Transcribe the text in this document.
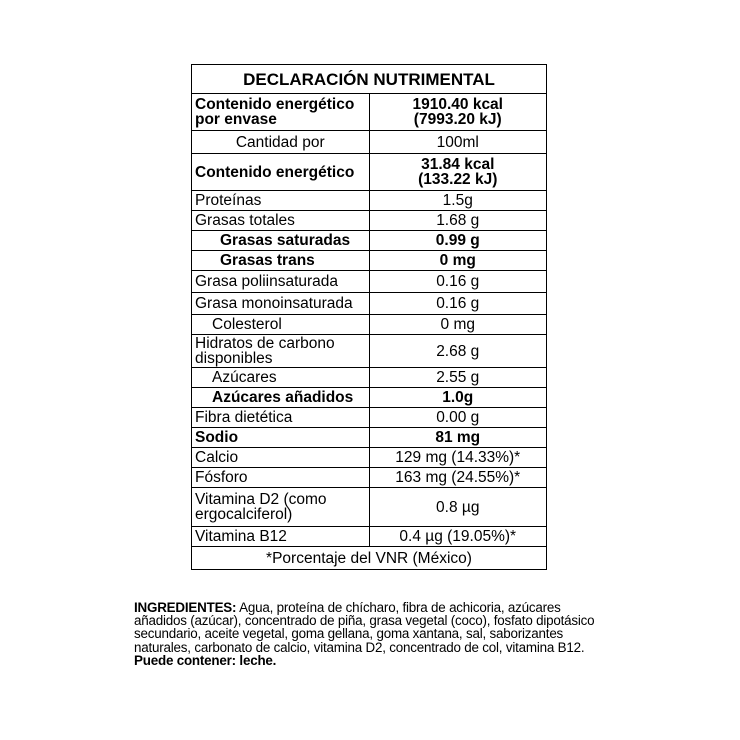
DECLARACIÓN NUTRIMENTAL	
Contenido energético por envase	1910.40 kcal
(7993.20 kJ)

Cantidad por	100ml
Contenido energético	31.84 kcal
(133.22 kJ)

Proteínas	1.5g
Grasas totales	1.68 g
Grasas saturadas	0.99 g
Grasas trans	0 mg
Grasa poliinsaturada	0.16 g
Grasa monoinsaturada	0.16 g
Colesterol	0 mg
Hidratos de carbono disponibles	2.68 g
Azúcares	2.55 g
Azúcares añadidos	1.0g
Fibra dietética	0.00 g
Sodio	81 mg
Calcio	129 mg (14.33%)*
Fósforo	163 mg (24.55%)*
Vitamina D2 (como ergocalciferol)	0.8 µg
Vitamina B12	0.4 µg (19.05%)*
*Porcentaje del VNR (México)	
INGREDIENTES: Agua, proteína de chícharo, fibra de achicoria, azúcares añadidos (azúcar), concentrado de piña, grasa vegetal (coco), fosfato dipotásico secundario, aceite vegetal, goma gellana, goma xantana, sal, saborizantes naturales, carbonato de calcio, vitamina D2, concentrado de col, vitamina B12.
Puede contener: leche.
